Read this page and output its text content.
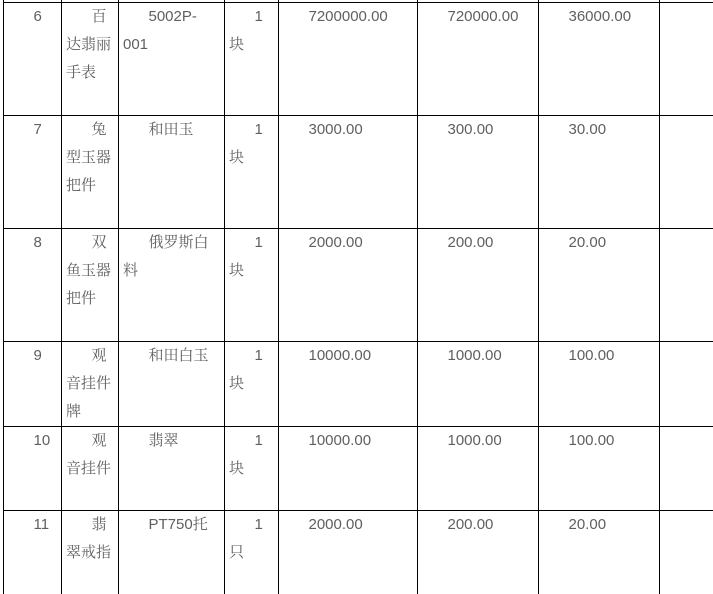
6	百达翡丽手表	5002P-001	1块	7200000.00	720000.00	36000.00	
7	兔型玉器把件	和田玉	1块	3000.00	300.00	30.00	
8	双鱼玉器把件	俄罗斯白料	1块	2000.00	200.00	20.00	
9	观音挂件牌	和田白玉	1块	10000.00	1000.00	100.00	
10	观音挂件	翡翠	1块	10000.00	1000.00	100.00	
11	翡翠戒指	PT750托	1只	2000.00	200.00	20.00	
